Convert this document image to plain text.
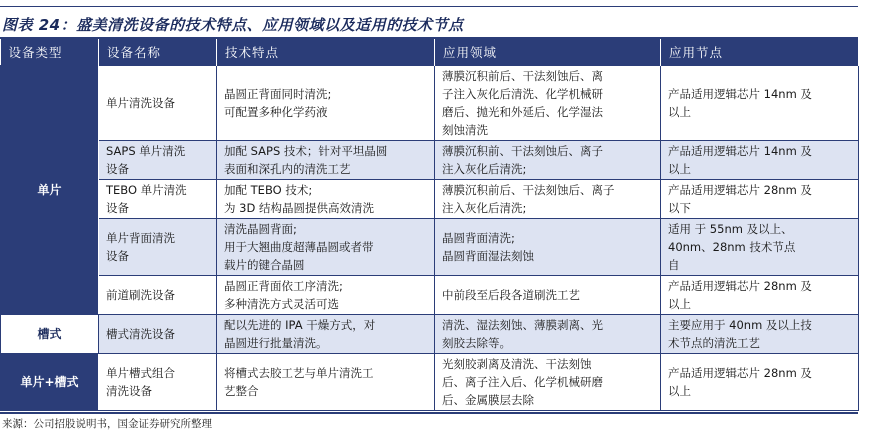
图表 24：盛美清洗设备的技术特点、应用领域以及适用的技术节点
设备类型	设备名称	技术特点	应用领域	应用节点
单片	单片清洗设备	晶圆正背面同时清洗;
可配置多种化学药液	薄膜沉积前后、干法刻蚀后、离
子注入灰化后清洗、化学机械研
磨后、抛光和外延后、化学湿法
刻蚀清洗	产品适用逻辑芯片 14nm 及
以上

	SAPS 单片清洗
设备	加配 SAPS 技术；针对平坦晶圆
表面和深孔内的清洗工艺	薄膜沉积前、干法刻蚀后、离子
注入灰化后清洗;	产品适用逻辑芯片 14nm 及
以上

	TEBO 单片清洗
设备	加配 TEBO 技术;
为 3D 结构晶圆提供高效清洗	薄膜沉积前后、干法刻蚀后、离子
注入灰化后清洗;	产品适用逻辑芯片 28nm 及
以下

	单片背面清洗
设备	清洗晶圆背面;
用于大翘曲度超薄晶圆或者带
载片的键合晶圆	晶圆背面清洗;
晶圆背面湿法刻蚀	适用 于 55nm 及以上、
40nm、28nm 技术节点
自

	前道刷洗设备	晶圆正背面依工序清洗;
多种清洗方式灵活可选	中前段至后段各道刷洗工艺	产品适用逻辑芯片 28nm 及
以上

槽式	槽式清洗设备	配以先进的 IPA 干燥方式，对
晶圆进行批量清洗。	清洗、湿法刻蚀、薄膜剥离、光
刻胶去除等。	主要应用于 40nm 及以上技
术节点的清洗工艺

单片+槽式	单片槽式组合
清洗设备	将槽式去胶工艺与单片清洗工
艺整合	光刻胶剥离及清洗、干法刻蚀
后、离子注入后、化学机械研磨
后、金属膜层去除	产品适用逻辑芯片 28nm 及
以上
来源：公司招股说明书，国金证券研究所整理
